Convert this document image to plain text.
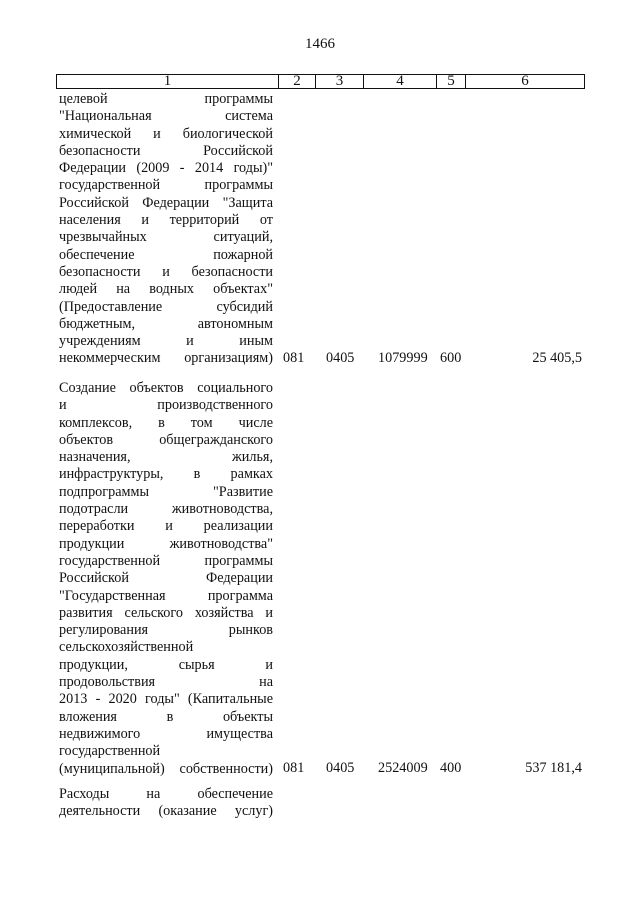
1466
1	2	3	4	5	6
целевой программы
"Национальная система
химической и биологической
безопасности Российской
Федерации (2009 - 2014 годы)"
государственной программы
Российской Федерации "Защита
населения и территорий от
чрезвычайных ситуаций,
обеспечение пожарной
безопасности и безопасности
людей на водных объектах"
(Предоставление субсидий
бюджетным, автономным
учреждениям и иным
некоммерческим организациям) 081 0405 1079999 600	25 405,5
Создание объектов социального
и производственного
комплексов, в том числе
объектов общегражданского
назначения, жилья,
инфраструктуры, в рамках
подпрограммы "Развитие
подотрасли животноводства,
переработки и реализации
продукции животноводства"
государственной программы
Российской Федерации
"Государственная программа
развития сельского хозяйства и
регулирования рынков
сельскохозяйственной
продукции, сырья и
продовольствия на
2013 - 2020 годы" (Капитальные
вложения в объекты
недвижимого имущества
государственной
(муниципальной) собственности) 081 0405 2524009 400	537 181,4
Расходы на обеспечение
деятельности (оказание услуг)
